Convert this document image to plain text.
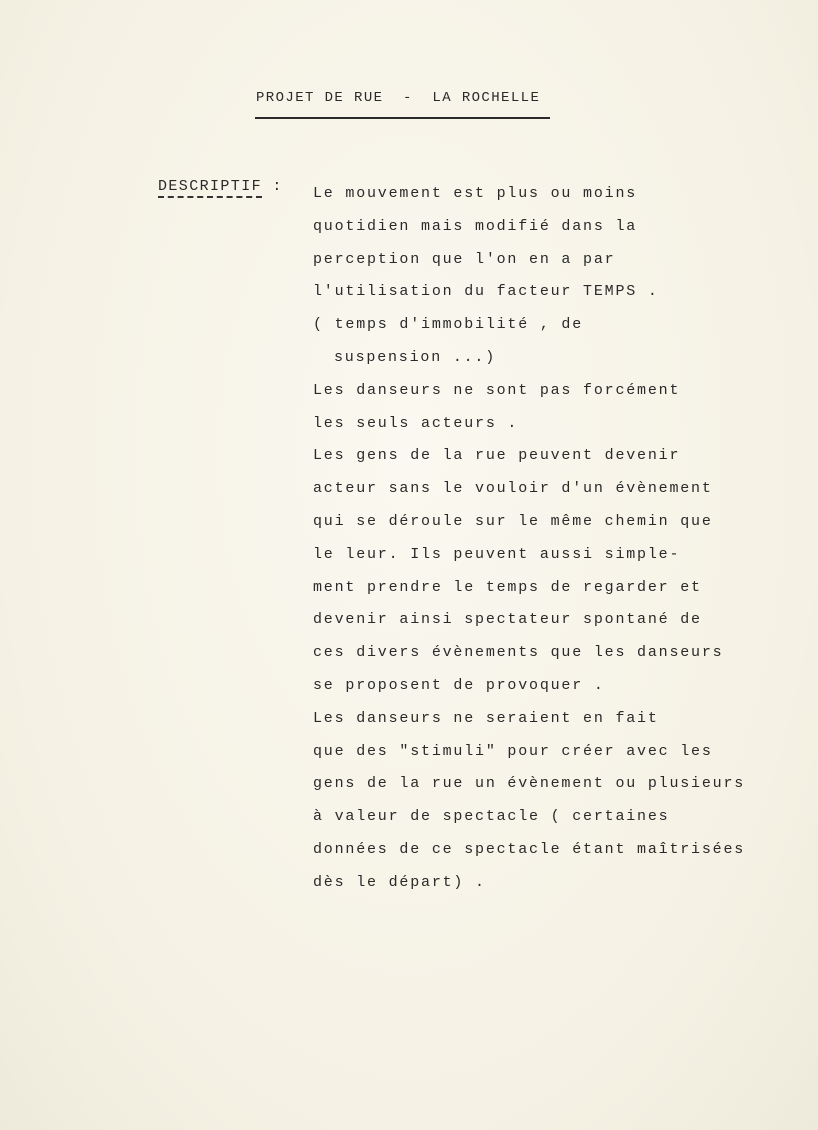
PROJET DE RUE  -  LA ROCHELLE
DESCRIPTIF : Le mouvement est plus ou moins
quotidien mais modifié dans la
perception que l'on en a par
l'utilisation du facteur TEMPS .
( temps d'immobilité , de
suspension ...)
Les danseurs ne sont pas forcément
les seuls acteurs .
Les gens de la rue peuvent devenir
acteur sans le vouloir d'un évènement
qui se déroule sur le même chemin que
le leur. Ils peuvent aussi simple-
ment prendre le temps de regarder et
devenir ainsi spectateur spontané de
ces divers évènements que les danseurs
se proposent de provoquer .
Les danseurs ne seraient en fait
que des "stimuli" pour créer avec les
gens de la rue un évènement ou plusieurs
à valeur de spectacle ( certaines
données de ce spectacle étant maîtrisées
dès le départ) .
